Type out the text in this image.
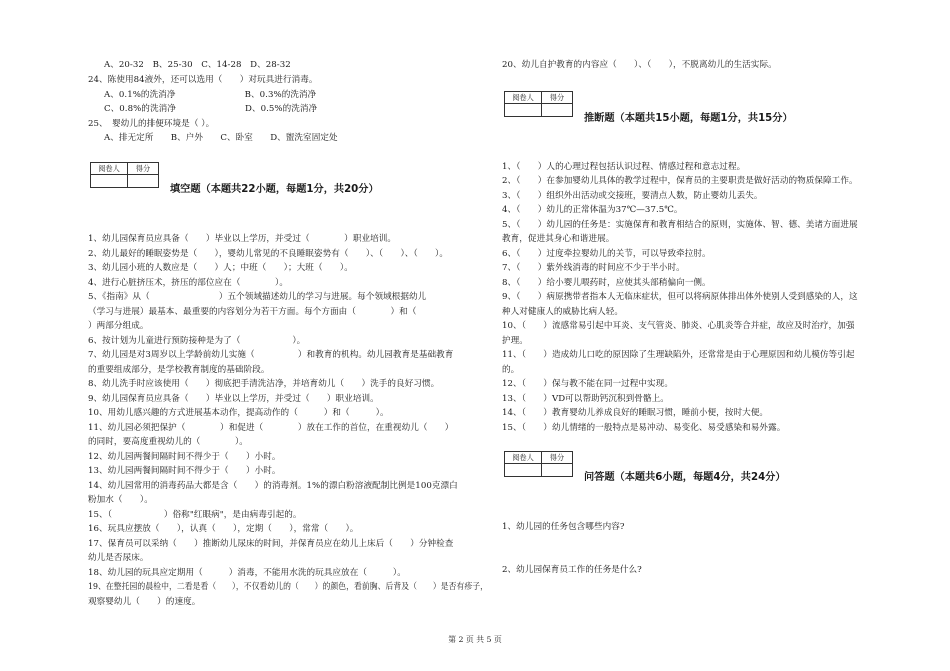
A、20-32　B、25-30　C、14-28　D、28-32
24、陈使用84液外，还可以选用（　　）对玩具进行消毒。
A、0.1%的洗消净　　　　　　　　B、0.3%的洗消净
C、0.8%的洗消净　　　　　　　　D、0.5%的洗消净
25、　婴幼儿的排便环境是（ ）。
A、排无定所　　B、户外　　C、卧室　　D、盥洗室固定处
阅卷人	得分

填空题（本题共22小题，每题1分，共20分）
1、幼儿园保育员应具备（　　）毕业以上学历，并受过（　　　　）职业培训。
2、幼儿最好的睡眠姿势是（　　），婴幼儿常见的不良睡眠姿势有（　　）、（　　）、（　　）。
3、幼儿园小班的人数应是（　　）人；中班（　　）；大班（　　）。
4、进行心脏挤压术，挤压的部位应在（　　　　）。
5、《指南》从（　　　　　　　　）五个领域描述幼儿的学习与进展。每个领域根据幼儿
（学习与进展）最基本、最重要的内容划分为若干方面。每个方面由（　　　　）和（
）两部分组成。
6、按计划为儿童进行预防接种是为了（　　　　　　）。
7、幼儿园是对3周岁以上学龄前幼儿实施（　　　　　）和教育的机构。幼儿园教育是基础教育
的重要组成部分，是学校教育制度的基础阶段。
8、幼儿洗手时应该使用（　　）彻底把手清洗洁净，并培育幼儿（　　）洗手的良好习惯。
9、幼儿园保育员应具备（　　）毕业以上学历，并受过（　　）职业培训。
10、用幼儿感兴趣的方式进展基本动作，提高动作的（　　　）和（　　　）。
11、幼儿园必须把保护（　　　　）和促进（　　　　）放在工作的首位，在重视幼儿（　　）
的同时，要高度重视幼儿的（　　　　）。
12、幼儿园两餐间隔时间不得少于（　　）小时。
13、幼儿园两餐间隔时间不得少于（　　）小时。
14、幼儿园常用的消毒药品大都是含（　　）的消毒剂。1%的漂白粉溶液配制比例是100克漂白
粉加水（　　）。
15、（　　　　　　）俗称"红眼病"，是由病毒引起的。
16、玩具应摆放（　　），认真（　　），定期（　　），常常（　　）。
17、保育员可以采纳（　　）推断幼儿尿床的时间，并保育员应在幼儿上床后（　　）分钟检查
幼儿是否尿床。
18、幼儿园的玩具应定期用（　　　）消毒，不能用水洗的玩具应放在（　　　）。
19、在整托园的晨检中，二看是看（　　），不仅看幼儿的（　　）的颜色，看前胸、后背及（　　）是否有疹子，
观察婴幼儿（　　）的速度。
20、幼儿自护教育的内容应（　　）、（　　），不脱离幼儿的生活实际。
阅卷人	得分

推断题（本题共15小题，每题1分，共15分）
1、（　　）人的心理过程包括认识过程、情感过程和意志过程。
2、（　　）在参加婴幼儿具体的教学过程中，保育员的主要职责是做好活动的物质保障工作。
3、（　　）组织外出活动或交接班，要清点人数，防止婴幼儿丢失。
4、（　　）幼儿的正常体温为37℃—37.5℃。
5、（　　）幼儿园的任务是：实施保育和教育相结合的原则，实施体、智、德、美诸方面进展
教育，促进其身心和谐进展。
6、（　　）过度牵拉婴幼儿的关节，可以导致牵拉肘。
7、（　　）紫外线消毒的时间应不少于半小时。
8、（　　）给小婴儿喂药时，应使其头部稍偏向一侧。
9、（　　）病原携带者指本人无临床症状，但可以将病原体排出体外使别人受到感染的人，这
种人对健康人的威胁比病人轻。
10、（　　）流感常易引起中耳炎、支气管炎、肺炎、心肌炎等合并症，故应及时治疗，加强
护理。
11、（　　）造成幼儿口吃的原因除了生理缺陷外，还常常是由于心理原因和幼儿模仿等引起
的。
12、（　　）保与教不能在同一过程中实现。
13、（　　）VD可以帮助钙沉积到骨骼上。
14、（　　）教育婴幼儿养成良好的睡眠习惯，睡前小便，按时大便。
15、（　　）幼儿情绪的一般特点是易冲动、易变化、易受感染和易外露。
阅卷人	得分

问答题（本题共6小题，每题4分，共24分）
1、幼儿园的任务包含哪些内容?
2、幼儿园保育员工作的任务是什么?
第 2 页 共 5 页
